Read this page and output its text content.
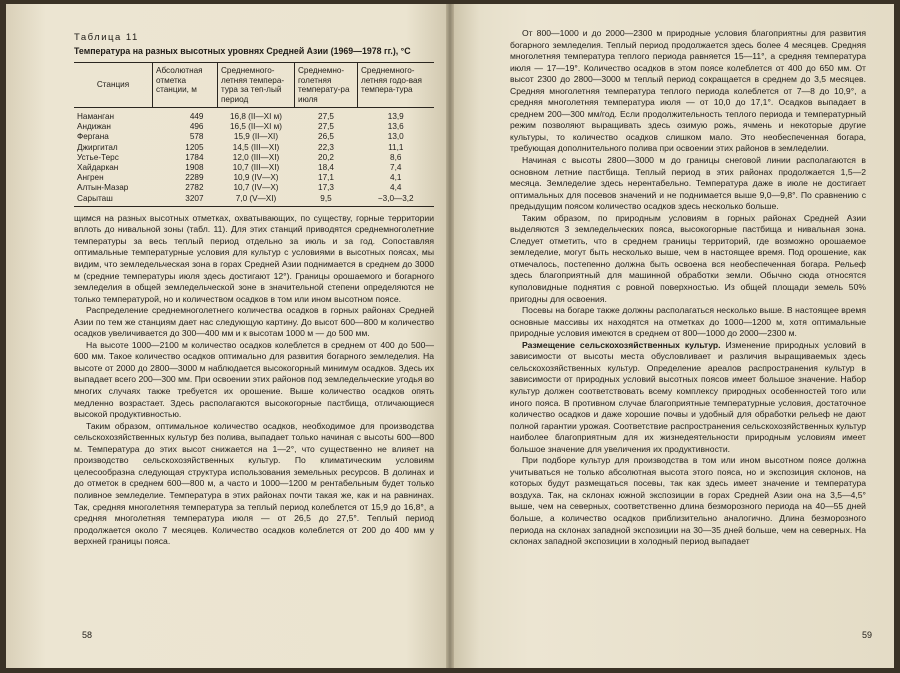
Таблица 11
Температура на разных высотных уровнях Средней Азии (1969—1978 гг.), °С
Станция	Абсолютная отметка станции, м	Среднемного-летняя темпера-тура за теп-лый период	Среднемно-голетняя температу-ра июля	Среднемного-летняя годо-вая темпера-тура
Наманган	449	16,8 (II—XI м)	27,5	13,9
Андижан	496	16,5 (II—XI м)	27,5	13,6
Фергана	578	15,9 (II—XI)	26,5	13,0
Джиргитал	1205	14,5 (III—XI)	22,3	11,1
Устье-Терс	1784	12,0 (III—XI)	20,2	8,6
Хайдаркан	1908	10,7 (III—XI)	18,4	7,4
Ангрен	2289	10,9 (IV—X)	17,1	4,1
Алтын-Мазар	2782	10,7 (IV—X)	17,3	4,4
Сарыташ	3207	7,0 (V—XI)	9,5	−3,0—3,2

щимся на разных высотных отметках, охватывающих, по существу, горные территории вплоть до нивальной зоны (табл. 11). Для этих станций приводятся среднемноголетние температуры за весь теплый период отдельно за июль и за год. Сопоставляя оптимальные температурные условия для культур с условиями в высотных поясах, мы видим, что земледельческая зона в горах Средней Азии поднимается в среднем до 3000 м (средние температуры июля здесь достигают 12°). Границы орошаемого и богарного земледелия в общей земледельческой зоне в значительной степени определяются не только температурой, но и количеством осадков в том или ином высотном поясе.

Распределение среднемноголетнего количества осадков в горных районах Средней Азии по тем же станциям дает нас следующую картину. До высот 600—800 м количество осадков увеличивается до 300—400 мм и к высотам 1000 м — до 500 мм.

На высоте 1000—2100 м количество осадков колеблется в среднем от 400 до 500—600 мм. Такое количество осадков оптимально для развития богарного земледелия. На высоте от 2000 до 2800—3000 м наблюдается высокогорный минимум осадков. Здесь их выпадает всего 200—300 мм. При освоении этих районов под земледельческие угодья во многих случаях также требуется их орошение. Выше количество осадков опять медленно возрастает. Здесь располагаются высокогорные пастбища, отличающиеся высокой продуктивностью.

Таким образом, оптимальное количество осадков, необходимое для производства сельскохозяйственных культур без полива, выпадает только начиная с высоты 600—800 м. Температура до этих высот снижается на 1—2°, что существенно не влияет на производство сельскохозяйственных культур. По климатическим условиям целесообразна следующая структура использования земельных ресурсов. В долинах и до отметок в среднем 600—800 м, а часто и 1000—1200 м рентабельным будет только поливное земледелие. Температура в этих районах почти такая же, как и на равнинах. Так, средняя многолетняя температура за теплый период колеблется от 15,9 до 16,8°, а средняя многолетняя температура июля — от 26,5 до 27,5°. Теплый период продолжается около 7 месяцев. Количество осадков колеблется от 200 до 400 мм у верхней границы пояса.

58

От 800—1000 и до 2000—2300 м природные условия благоприятны для развития богарного земледелия. Теплый период продолжается здесь более 4 месяцев. Средняя многолетняя температура теплого периода равняется 15—11°, а средняя температура июля — 17—19°. Количество осадков в этом поясе колеблется от 400 до 650 мм. От высот 2300 до 2800—3000 м теплый период сокращается в среднем до 3,5 месяцев. Средняя многолетняя температура теплого периода колеблется от 7—8 до 10,9°, а средняя многолетняя температура июля — от 10,0 до 17,1°. Осадков выпадает в среднем 200—300 мм/год. Если продолжительность теплого периода и температурный режим позволяют выращивать здесь озимую рожь, ячмень и некоторые другие культуры, то количество осадков слишком мало. Это необеспеченная богара, требующая дополнительного полива при освоении этих районов в земледелии.

Начиная с высоты 2800—3000 м до границы снеговой линии располагаются в основном летние пастбища. Теплый период в этих районах продолжается 1,5—2 месяца. Земледелие здесь нерентабельно. Температура даже в июле не достигает оптимальных для посевов значений и не поднимается выше 9,0—9,8°. По сравнению с предыдущим поясом количество осадков здесь несколько больше.

Таким образом, по природным условиям в горных районах Средней Азии выделяются 3 земледельческих пояса, высокогорные пастбища и нивальная зона. Следует отметить, что в среднем границы территорий, где возможно орошаемое земледелие, могут быть несколько выше, чем в настоящее время. Под орошение, как отмечалось, постепенно должна быть освоена вся необеспеченная богара. Рельеф здесь благоприятный для машинной обработки земли. Обычно сюда относятся куполовидные поднятия с ровной поверхностью. Из общей площади земель 50% пригодны для освоения.

Посевы на богаре также должны располагаться несколько выше. В настоящее время основные массивы их находятся на отметках до 1000—1200 м, хотя оптимальные природные условия имеются в среднем от 800—1000 до 2000—2300 м.

Размещение сельскохозяйственных культур. Изменение природных условий в зависимости от высоты места обусловливает и различия выращиваемых здесь сельскохозяйственных культур. Определение ареалов распространения культур в зависимости от природных условий высотных поясов имеет большое значение. Набор культур должен соответствовать всему комплексу природных особенностей того или иного пояса. В противном случае благоприятные температурные условия, достаточное количество осадков и даже хорошие почвы и удобный для обработки рельеф не дают полной гарантии урожая. Соответствие распространения сельскохозяйственных культур наиболее благоприятным для их жизнедеятельности природным условиям имеет большое значение для увеличения их продуктивности.

При подборе культур для производства в том или ином высотном поясе должна учитываться не только абсолютная высота этого пояса, но и экспозиция склонов, на которых будут размещаться посевы, так как здесь имеет значение и температура воздуха. Так, на склонах южной экспозиции в горах Средней Азии она на 3,5—4,5° выше, чем на северных, соответственно длина безморозного периода на 40—55 дней больше, а количество осадков приблизительно аналогично. Длина безморозного периода на склонах западной экспозиции на 30—35 дней больше, чем на северных. На склонах западной экспозиции в холодный период выпадает

59
